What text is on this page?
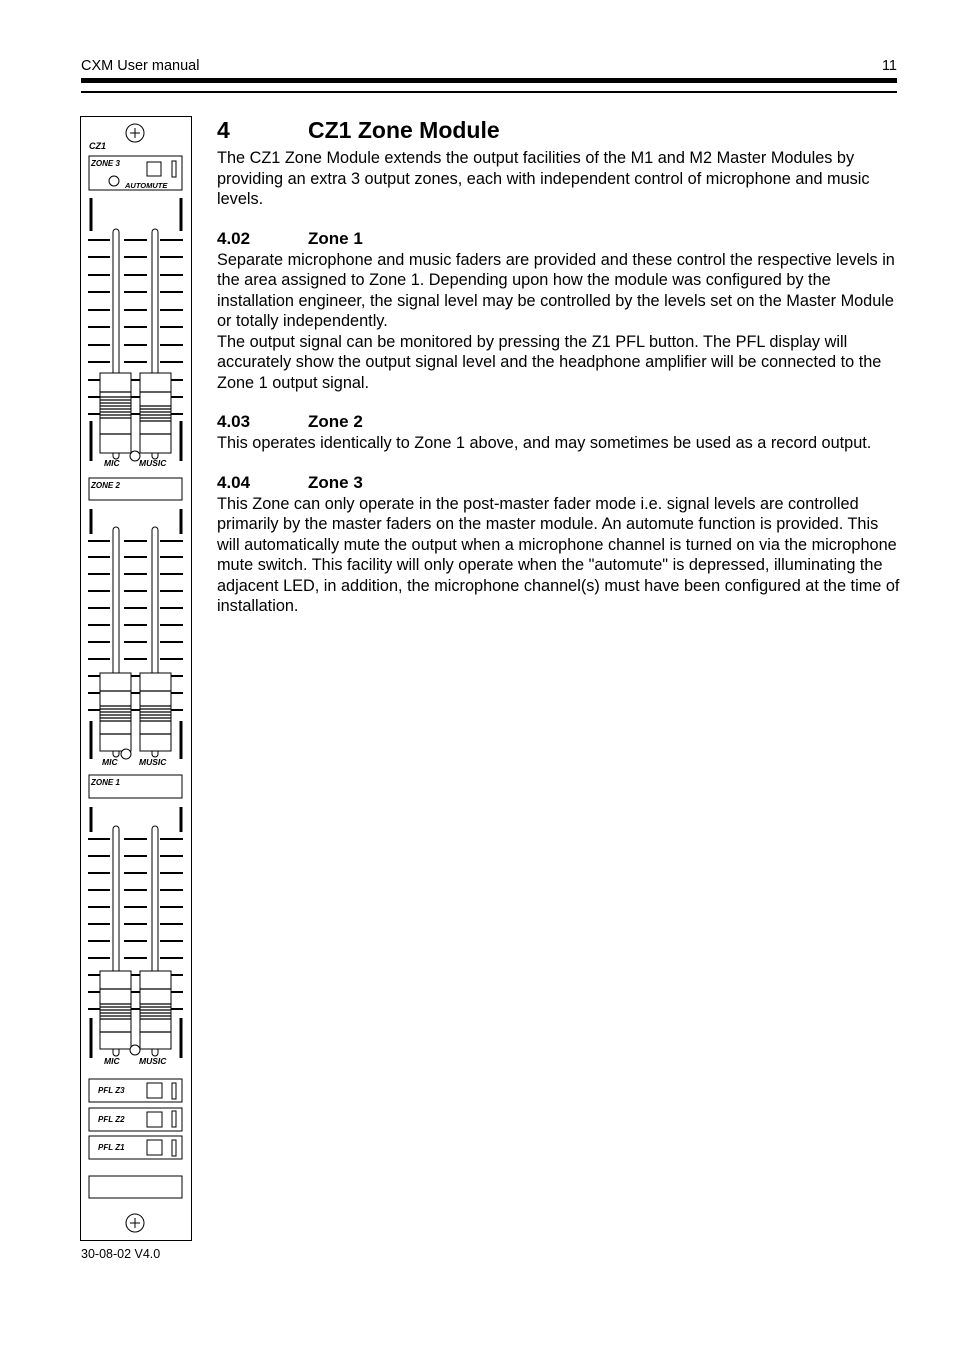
CXM User manual	11
CZ1
ZONE 3
AUTOMUTE
MIC MUSIC
ZONE 2
MIC	MUSIC
ZONE 1
MIC MUSIC
PFL Z3
PFL Z2
PFL Z1
4	CZ1 Zone Module

The CZ1 Zone Module extends the output facilities of the M1 and M2 Master Modules by providing an extra 3 output zones, each with independent control of microphone and music levels.

4.02	Zone 1

Separate microphone and music faders are provided and these control the respective levels in the area assigned to Zone 1. Depending upon how the module was configured by the installation engineer, the signal level may be controlled by the levels set on the Master Module or totally independently.

The output signal can be monitored by pressing the Z1 PFL button. The PFL display will accurately show the output signal level and the headphone amplifier will be connected to the Zone 1 output signal.

4.03	Zone 2

This operates identically to Zone 1 above, and may sometimes be used as a record output.

4.04	Zone 3

This Zone can only operate in the post-master fader mode i.e. signal levels are controlled primarily by the master faders on the master module. An automute function is provided. This will automatically mute the output when a microphone channel is turned on via the microphone mute switch. This facility will only operate when the "automute" is depressed, illuminating the adjacent LED, in addition, the microphone channel(s) must have been configured at the time of installation.

30-08-02 V4.0
